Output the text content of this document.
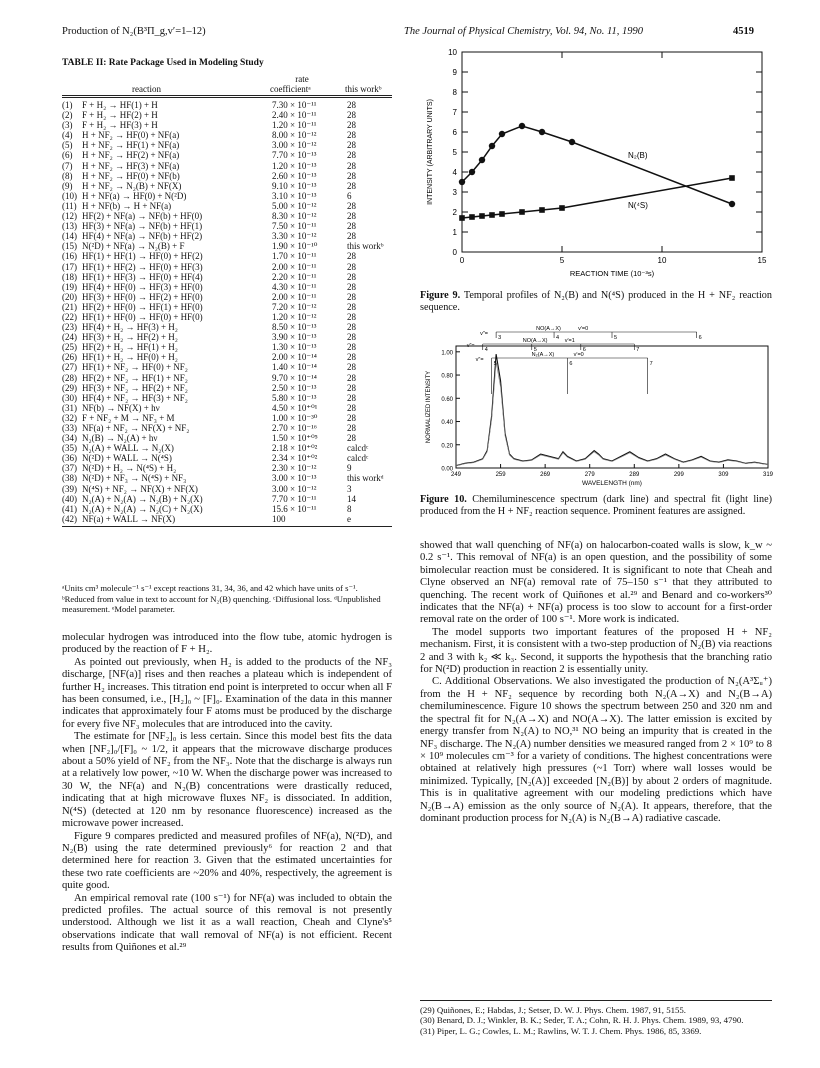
Production of N₂(B³Π_g,v′=1–12)	The Journal of Physical Chemistry, Vol. 94, No. 11, 1990	4519
TABLE II: Rate Package Used in Modeling Study
rate
reaction	coefficientᵃ	this workᵇ
(1) F + H₂ → HF(1) + H	7.30 × 10⁻¹¹	28
(2) F + H₂ → HF(2) + H	2.40 × 10⁻¹¹	28
(3) F + H₂ → HF(3) + H	1.20 × 10⁻¹¹	28
(4) H + NF₂ → HF(0) + NF(a)	8.00 × 10⁻¹²	28
(5) H + NF₂ → HF(1) + NF(a)	3.00 × 10⁻¹²	28
(6) H + NF₂ → HF(2) + NF(a)	7.70 × 10⁻¹³	28
(7) H + NF₂ → HF(3) + NF(a)	1.20 × 10⁻¹³	28
(8) H + NF₂ → HF(0) + NF(b)	2.60 × 10⁻¹³	28
(9) H + NF₂ → N₂(B) + NF(X)	9.10 × 10⁻¹³	28
(10) H + NF(a) → HF(0) + N(²D)	3.10 × 10⁻¹³	6
(11) H + NF(b) → H + NF(a)	5.00 × 10⁻¹²	28
(12) HF(2) + NF(a) → NF(b) + HF(0)	8.30 × 10⁻¹²	28
(13) HF(3) + NF(a) → NF(b) + HF(1)	7.50 × 10⁻¹¹	28
(14) HF(4) + NF(a) → NF(b) + HF(2)	3.30 × 10⁻¹²	28
(15) N(²D) + NF(a) → N₂(B) + F	1.90 × 10⁻¹⁰	this workᵇ
(16) HF(1) + HF(1) → HF(0) + HF(2)	1.70 × 10⁻¹¹	28
(17) HF(1) + HF(2) → HF(0) + HF(3)	2.00 × 10⁻¹¹	28
(18) HF(1) + HF(3) → HF(0) + HF(4)	2.20 × 10⁻¹¹	28
(19) HF(4) + HF(0) → HF(3) + HF(0)	4.30 × 10⁻¹¹	28
(20) HF(3) + HF(0) → HF(2) + HF(0)	2.00 × 10⁻¹¹	28
(21) HF(2) + HF(0) → HF(1) + HF(0)	7.20 × 10⁻¹²	28
(22) HF(1) + HF(0) → HF(0) + HF(0)	1.20 × 10⁻¹²	28
(23) HF(4) + H₂ → HF(3) + H₂	8.50 × 10⁻¹³	28
(24) HF(3) + H₂ → HF(2) + H₂	3.90 × 10⁻¹³	28
(25) HF(2) + H₂ → HF(1) + H₂	1.30 × 10⁻¹³	28
(26) HF(1) + H₂ → HF(0) + H₂	2.00 × 10⁻¹⁴	28
(27) HF(1) + NF₂ → HF(0) + NF₂	1.40 × 10⁻¹⁴	28
(28) HF(2) + NF₂ → HF(1) + NF₂	9.70 × 10⁻¹⁴	28
(29) HF(3) + NF₂ → HF(2) + NF₂	2.50 × 10⁻¹³	28
(30) HF(4) + NF₂ → HF(3) + NF₂	5.80 × 10⁻¹³	28
(31) NF(b) → NF(X) + hν	4.50 × 10⁺⁰¹	28
(32) F + NF₂ + M → NF₃ + M	1.00 × 10⁻³⁰	28
(33) NF(a) + NF₂ → NF(X) + NF₂	2.70 × 10⁻¹⁶	28
(34) N₂(B) → N₂(A) + hν	1.50 × 10⁺⁰⁵	28
(35) N₂(A) + WALL → N₂(X)	2.18 × 10⁺⁰²	calcdᶜ
(36) N(²D) + WALL → N(⁴S)	2.34 × 10⁺⁰²	calcdᶜ
(37) N(²D) + H₂ → N(⁴S) + H₂	2.30 × 10⁻¹²	9
(38) N(²D) + NF₃ → N(⁴S) + NF₃	3.00 × 10⁻¹³	this workᵈ
(39) N(⁴S) + NF₂ → NF(X) + NF(X)	3.00 × 10⁻¹²	3
(40) N₂(A) + N₂(A) → N₂(B) + N₂(X)	7.70 × 10⁻¹¹	14
(41) N₂(A) + N₂(A) → N₂(C) + N₂(X)	15.6 × 10⁻¹¹	8
(42) NF(a) + WALL → NF(X)	100	e
ᵃUnits cm³ molecule⁻¹ s⁻¹ except reactions 31, 34, 36, and 42 which have units of s⁻¹. ᵇReduced from value in text to account for N₂(B) quenching. ᶜDiffusional loss. ᵈUnpublished measurement. ᵉModel parameter.

molecular hydrogen was introduced into the flow tube, atomic hydrogen is produced by the reaction of F + H₂.

As pointed out previously, when H₂ is added to the products of the NF₃ discharge, [NF(a)] rises and then reaches a plateau which is independent of further H₂ increases. This titration end point is interpreted to occur when all F has been consumed, i.e., [H₂]₀ ~ [F]₀. Examination of the data in this manner indicates that approximately four F atoms must be produced by the discharge for every five NF₃ molecules that are introduced into the cavity.

The estimate for [NF₂]₀ is less certain. Since this model best fits the data when [NF₂]₀/[F]₀ ~ 1/2, it appears that the microwave discharge produces about a 50% yield of NF₂ from the NF₃. Note that the discharge is always run at a relatively low power, ~10 W. When the discharge power was increased to 30 W, the NF(a) and N₂(B) concentrations were drastically reduced, indicating that at high microwave fluxes NF₂ is dissociated. In addition, N(⁴S) (detected at 120 nm by resonance fluorescence) increased as the microwave power increased.

Figure 9 compares predicted and measured profiles of NF(a), N(²D), and N₂(B) using the rate determined previously⁶ for reaction 2 and that determined here for reaction 3. Given that the estimated uncertainties for these two rate coefficients are ~20% and 40%, respectively, the agreement is quite good.

An empirical removal rate (100 s⁻¹) for NF(a) was included to obtain the predicted profiles. The actual source of this removal is not presently understood. Although we list it as a wall reaction, Cheah and Clyne's⁵ observations indicate that wall removal of NF(a) is not efficient. Recent results from Quiñones et al.²⁹

0
1
2
3
4
5
6
7
8
9
10
0	5	10	15
REACTION TIME (10⁻³s)
INTENSITY (ARBITRARY UNITS)	N₂(B)
N(⁴S)
Figure 9. Temporal profiles of N₂(B) and N(⁴S) produced in the H + NF₂ reaction sequence.
0.00
0.20
0.40
0.60
0.80
1.00
249	259	269	279	289	299	309	319
WAVELENGTH (nm)
NORMALIZED INTENSITY
NO(A→X)	v′=0
v″=
3	4	5	6
NO(A→X)	v′=1
v″=
4	5	6	7
N₂(A→X)	v′=0
v″=
5	6	7
Figure 10. Chemiluminescence spectrum (dark line) and spectral fit (light line) produced from the H + NF₂ reaction sequence. Prominent features are assigned.

showed that wall quenching of NF(a) on halocarbon-coated walls is slow, k_w ~ 0.2 s⁻¹. This removal of NF(a) is an open question, and the possibility of some bimolecular reaction must be considered. It is significant to note that Cheah and Clyne observed an NF(a) removal rate of 75–150 s⁻¹ that they attributed to quenching. The recent work of Quiñones et al.²⁹ and Benard and co-workers³⁰ indicates that the NF(a) + NF(a) process is too slow to account for a first-order removal rate on the order of 100 s⁻¹. More work is indicated.

The model supports two important features of the proposed H + NF₂ mechanism. First, it is consistent with a two-step production of N₂(B) via reactions 2 and 3 with k₂ ≪ k₃. Second, it supports the hypothesis that the branching ratio for N(²D) production in reaction 2 is essentially unity.

C. Additional Observations. We also investigated the production of N₂(A³Σᵤ⁺) from the H + NF₂ sequence by recording both N₂(A→X) and N₂(B→A) chemiluminescence. Figure 10 shows the spectrum between 250 and 320 nm and the spectral fit for N₂(A→X) and NO(A→X). The latter emission is excited by energy transfer from N₂(A) to NO,³¹ NO being an impurity that is created in the NF₃ discharge. The N₂(A) number densities we measured ranged from 2 × 10⁹ to 8 × 10⁹ molecules cm⁻³ for a variety of conditions. The highest concentrations were obtained at relatively high pressures (~1 Torr) where wall losses would be minimized. Typically, [N₂(A)] exceeded [N₂(B)] by about 2 orders of magnitude. This is in qualitative agreement with our modeling predictions which have N₂(B→A) emission as the only source of N₂(A). It appears, therefore, that the dominant production process for N₂(A) is N₂(B→A) radiative cascade.

(29) Quiñones, E.; Habdas, J.; Setser, D. W. J. Phys. Chem. 1987, 91, 5155.
(30) Benard, D. J.; Winkler, B. K.; Seder, T. A.; Cohn, R. H. J. Phys. Chem. 1989, 93, 4790.
(31) Piper, L. G.; Cowles, L. M.; Rawlins, W. T. J. Chem. Phys. 1986, 85, 3369.
